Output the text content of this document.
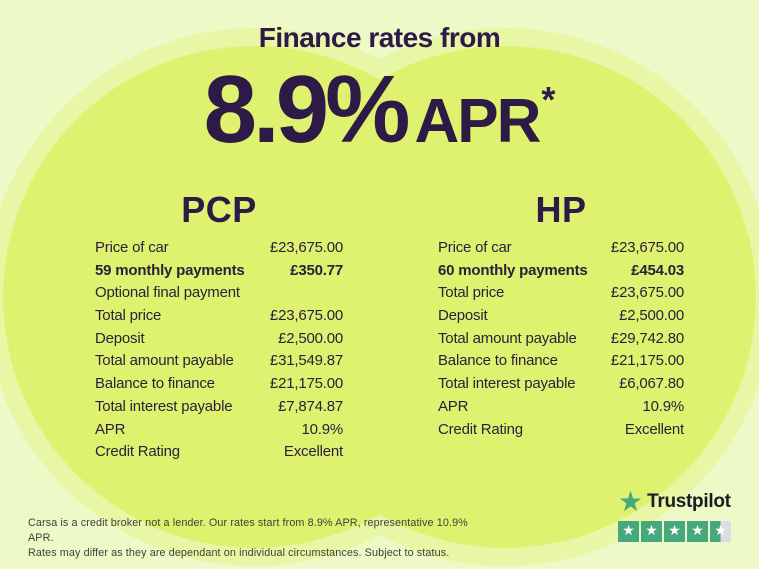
Finance rates from
8.9% APR *
PCP
Price of car	£23,675.00
59 monthly payments	£350.77
Optional final payment
Total price	£23,675.00
Deposit	£2,500.00
Total amount payable £31,549.87
Balance to finance	£21,175.00
Total interest payable	£7,874.87
APR	10.9%
Credit Rating	Excellent
HP
Price of car	£23,675.00
60 monthly payments	£454.03
Total price	£23,675.00
Deposit	£2,500.00
Total amount payable £29,742.80
Balance to finance	£21,175.00
Total interest payable	£6,067.80
APR	10.9%
Credit Rating	Excellent
Carsa is a credit broker not a lender. Our rates start from 8.9% APR, representative 10.9% APR.
Rates may differ as they are dependant on individual circumstances. Subject to status.
★ Trustpilot
★ ★ ★ ★ ★
